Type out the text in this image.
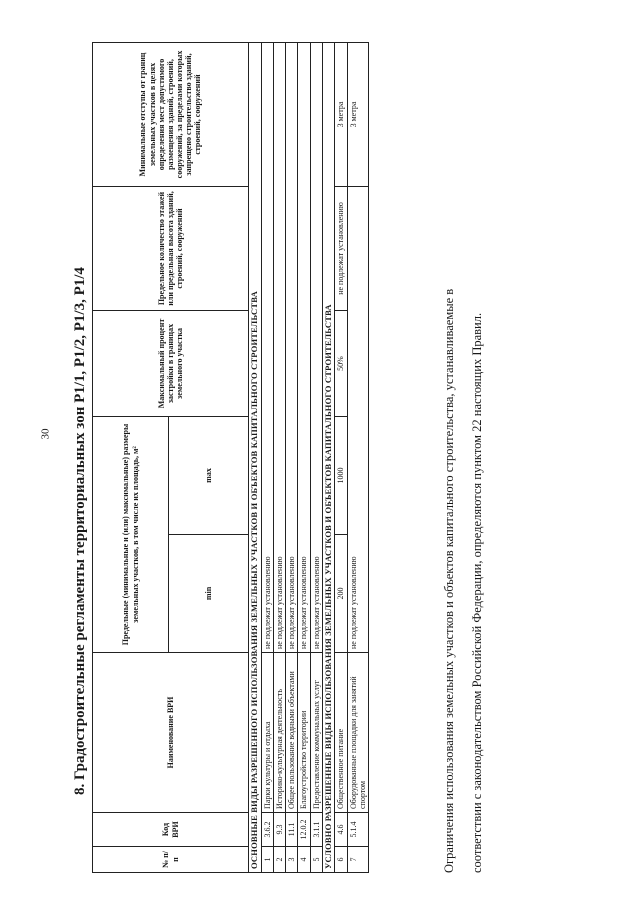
30 8. Градостроительные регламенты территориальных зон Р1/1, Р1/2, Р1/3, Р1/4
№ п/п	Код ВРИ	Наименование ВРИ	Предельные (минимальные и (или) максимальные) размеры земельных участков, в том числе их площадь, м²		Максимальный процент застройки в границах земельного участка	Предельное количество этажей или предельная высота зданий, строений, сооружений	Минимальные отступы от границ земельных участков в целях определения мест допустимого размещения зданий, строений, сооружений, за пределами которых запрещено строительство зданий, строений, сооружений
			min	max			
ОСНОВНЫЕ ВИДЫ РАЗРЕШЕННОГО ИСПОЛЬЗОВАНИЯ ЗЕМЕЛЬНЫХ УЧАСТКОВ И ОБЪЕКТОВ КАПИТАЛЬНОГО СТРОИТЕЛЬСТВА							
1	3.6.2	Парки культуры и отдыха	не подлежат установлению				
2	9.3	Историко-культурная деятельность	не подлежат установлению				
3	11.1	Общее пользование водными объектами	не подлежат установлению				
4	12.0.2	Благоустройство территории	не подлежат установлению				
5	3.1.1	Предоставление коммунальных услуг	не подлежат установлению				
УСЛОВНО РАЗРЕШЕННЫЕ ВИДЫ ИСПОЛЬЗОВАНИЯ ЗЕМЕЛЬНЫХ УЧАСТКОВ И ОБЪЕКТОВ КАПИТАЛЬНОГО СТРОИТЕЛЬСТВА							
6	4.6	Общественное питание	200	1000	50%	не подлежат установлению	3 метра
7	5.1.4	Оборудованные площадки для занятий спортом	не подлежат установлению				3 метра
Ограничения использования земельных участков и объектов капитального строительства, устанавливаемые в	соответствии с законодательством Российской Федерации, определяются пунктом 22 настоящих Правил.
